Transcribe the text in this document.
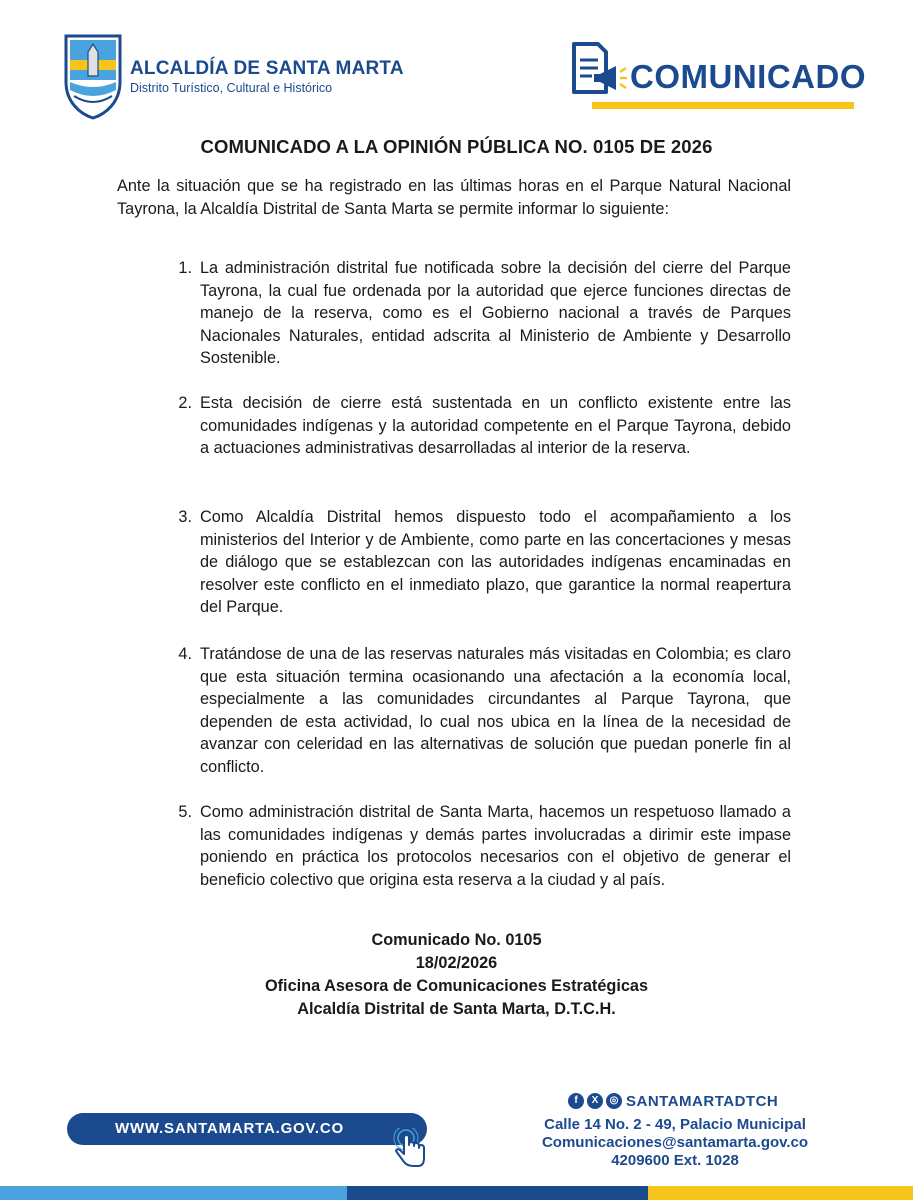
ALCALDÍA DE SANTA MARTA
Distrito Turístico, Cultural e Histórico	COMUNICADO
COMUNICADO A LA OPINIÓN PÚBLICA NO. 0105 DE 2026
Ante la situación que se ha registrado en las últimas horas en el Parque Natural Nacional Tayrona, la Alcaldía Distrital de Santa Marta se permite informar lo siguiente:
1. La administración distrital fue notificada sobre la decisión del cierre del Parque Tayrona, la cual fue ordenada por la autoridad que ejerce funciones directas de manejo de la reserva, como es el Gobierno nacional a través de Parques Nacionales Naturales, entidad adscrita al Ministerio de Ambiente y Desarrollo Sostenible.
2. Esta decisión de cierre está sustentada en un conflicto existente entre las comunidades indígenas y la autoridad competente en el Parque Tayrona, debido a actuaciones administrativas desarrolladas al interior de la reserva.
3. Como Alcaldía Distrital hemos dispuesto todo el acompañamiento a los ministerios del Interior y de Ambiente, como parte en las concertaciones y mesas de diálogo que se establezcan con las autoridades indígenas encaminadas en resolver este conflicto en el inmediato plazo, que garantice la normal reapertura del Parque.
4. Tratándose de una de las reservas naturales más visitadas en Colombia; es claro que esta situación termina ocasionando una afectación a la economía local, especialmente a las comunidades circundantes al Parque Tayrona, que dependen de esta actividad, lo cual nos ubica en la línea de la necesidad de avanzar con celeridad en las alternativas de solución que puedan ponerle fin al conflicto.
5. Como administración distrital de Santa Marta, hacemos un respetuoso llamado a las comunidades indígenas y demás partes involucradas a dirimir este impase poniendo en práctica los protocolos necesarios con el objetivo de generar el beneficio colectivo que origina esta reserva a la ciudad y al país.
Comunicado No. 0105
18/02/2026
Oficina Asesora de Comunicaciones Estratégicas
Alcaldía Distrital de Santa Marta, D.T.C.H.
WWW.SANTAMARTA.GOV.CO
f	X	◎ SANTAMARTADTCH
Calle 14 No. 2 - 49, Palacio Municipal
Comunicaciones@santamarta.gov.co
4209600 Ext. 1028
